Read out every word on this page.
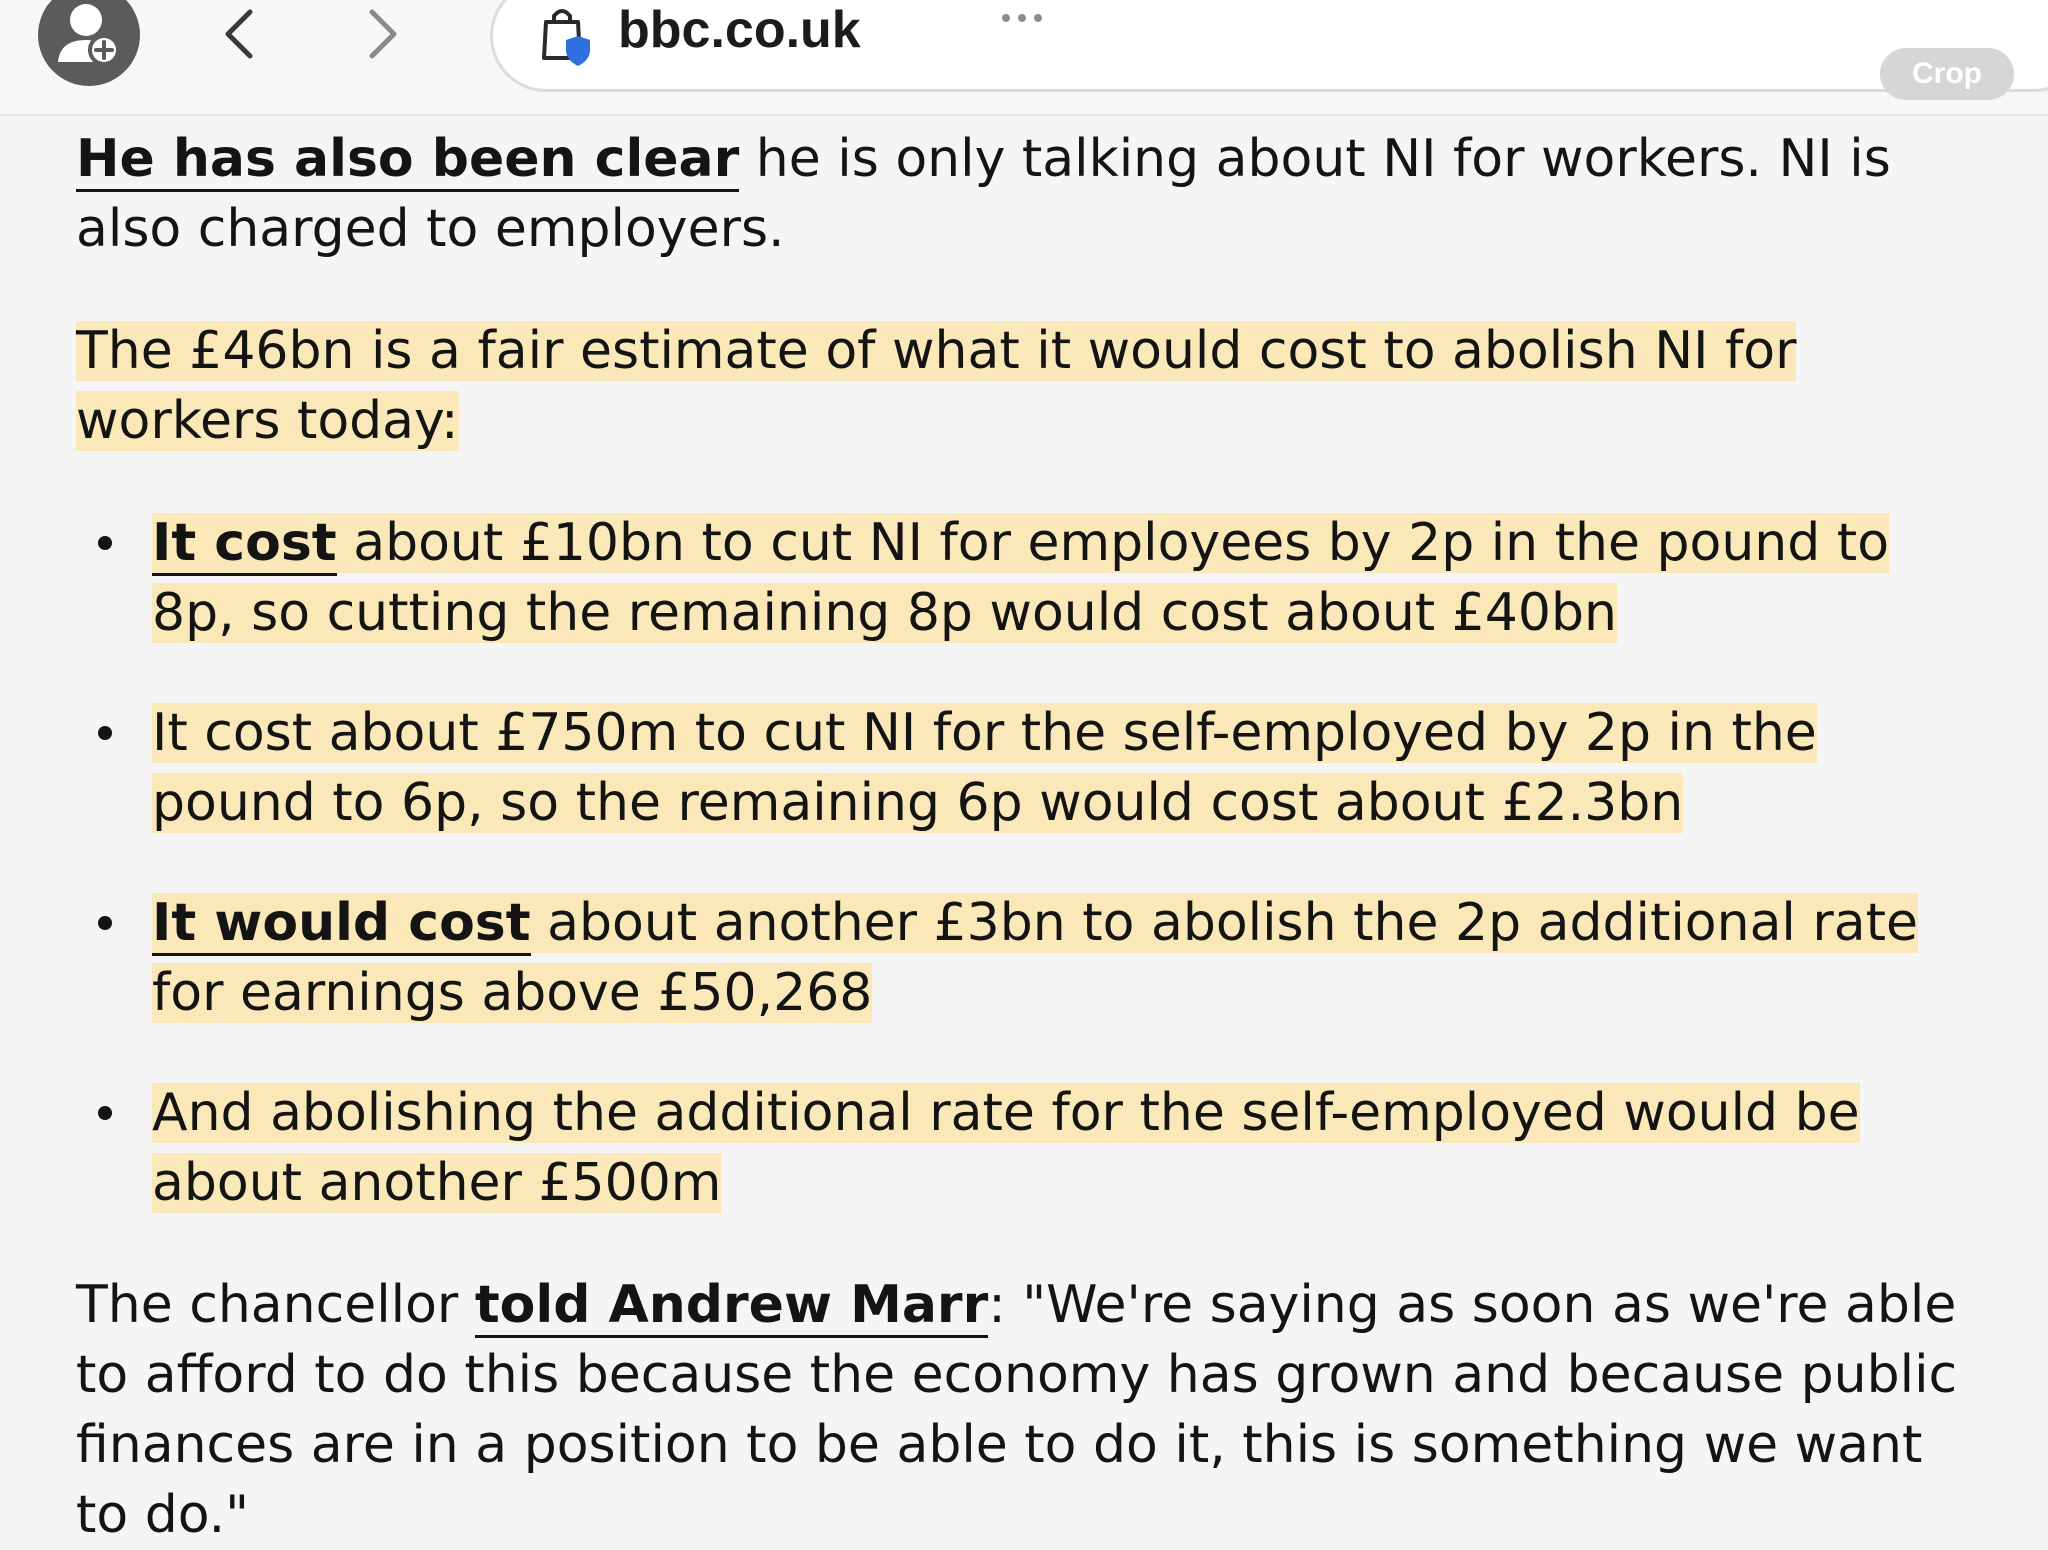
bbc.co.uk
Crop

He has also been clear he is only talking about NI for workers. NI is also charged to employers.

The £46bn is a fair estimate of what it would cost to abolish NI for workers today:

It cost about £10bn to cut NI for employees by 2p in the pound to 8p, so cutting the remaining 8p would cost about £40bn
It cost about £750m to cut NI for the self-employed by 2p in the pound to 6p, so the remaining 6p would cost about £2.3bn
It would cost about another £3bn to abolish the 2p additional rate for earnings above £50,268
And abolishing the additional rate for the self-employed would be about another £500m

The chancellor told Andrew Marr: "We're saying as soon as we're able to afford to do this because the economy has grown and because public finances are in a position to be able to do it, this is something we want to do."
